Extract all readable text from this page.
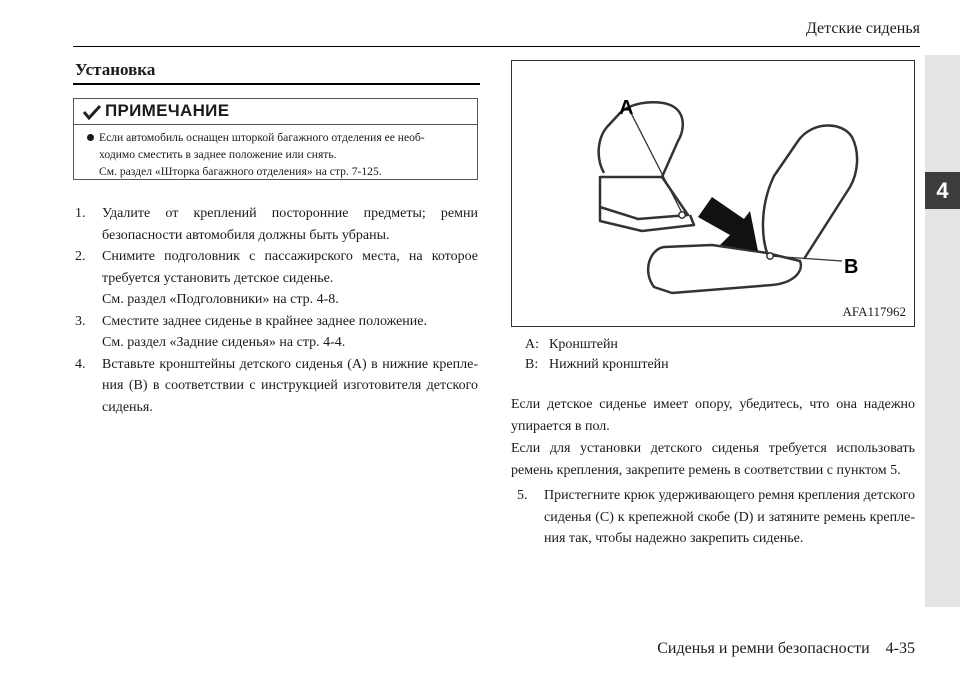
Детские сиденья
4
Установка
ПРИМЕЧАНИЕ
Если автомобиль оснащен шторкой багажного отделения ее необ-
ходимо сместить в заднее положение или снять.
См. раздел «Шторка багажного отделения» на стр. 7-125.
1. Удалите от креплений посторонние предметы; ремни
безопасности автомобиля должны быть убраны.
2. Снимите подголовник с пассажирского места, на которое
требуется установить детское сиденье.
См. раздел «Подголовники» на стр. 4-8.
3. Сместите заднее сиденье в крайнее заднее положение.
См. раздел «Задние сиденья» на стр. 4-4.
4. Вставьте кронштейны детского сиденья (А) в нижние крепле-
ния (В) в соответствии с инструкцией изготовителя детского
сиденья.
A
B
AFA117962
A: Кронштейн
B: Нижний кронштейн
Если детское сиденье имеет опору, убедитесь, что она надежно
упирается в пол.
Если для установки детского сиденья требуется использовать
ремень крепления, закрепите ремень в соответствии с пунктом 5.
5. Пристегните крюк удерживающего ремня крепления детского
сиденья (С) к крепежной скобе (D) и затяните ремень крепле-
ния так, чтобы надежно закрепить сиденье.
Сиденья и ремни безопасности    4-35
